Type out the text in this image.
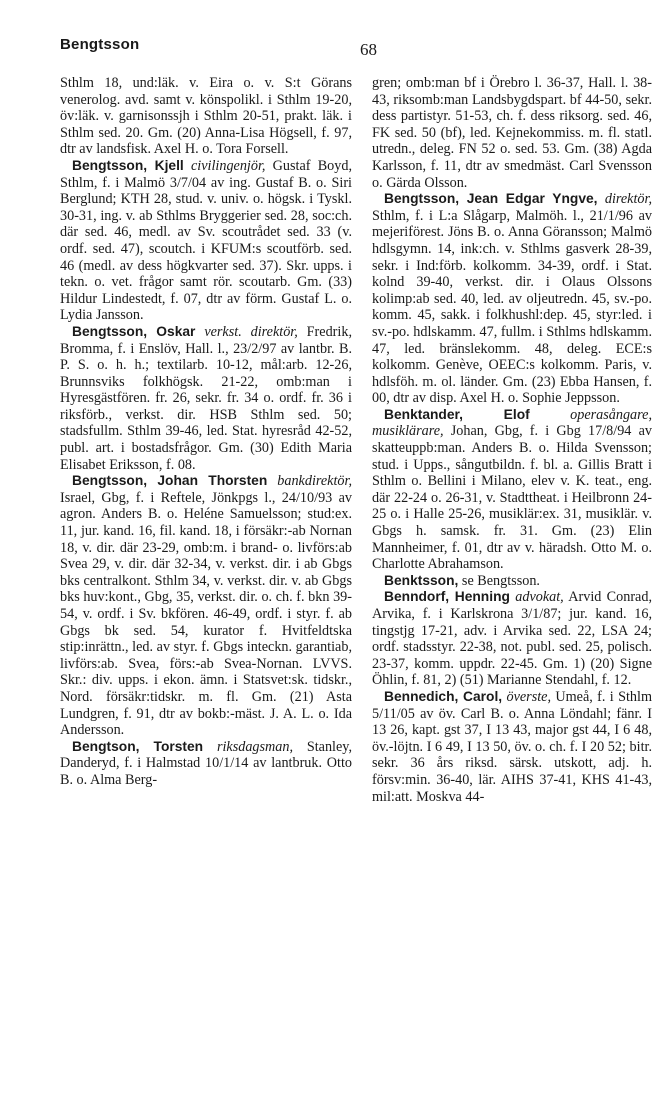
Bengtsson	68

Sthlm 18, und:läk. v. Eira o. v. S:t Görans venerolog. avd. samt v. könspolikl. i Sthlm 19-20, öv:läk. v. garnisonssjh i Sthlm 20-51, prakt. läk. i Sthlm sed. 20. Gm. (20) Anna-Lisa Högsell, f. 97, dtr av landsfisk. Axel H. o. Tora Forsell.

Bengtsson, Kjell civilingenjör, Gustaf Boyd, Sthlm, f. i Malmö 3/7/04 av ing. Gustaf B. o. Siri Berglund; KTH 28, stud. v. univ. o. högsk. i Tyskl. 30-31, ing. v. ab Sthlms Bryggerier sed. 28, soc:ch. där sed. 46, medl. av Sv. scoutrådet sed. 33 (v. ordf. sed. 47), scoutch. i KFUM:s scoutförb. sed. 46 (medl. av dess högkvarter sed. 37). Skr. upps. i tekn. o. vet. frågor samt rör. scoutarb. Gm. (33) Hildur Lindestedt, f. 07, dtr av förm. Gustaf L. o. Lydia Jansson.

Bengtsson, Oskar verkst. direktör, Fredrik, Bromma, f. i Enslöv, Hall. l., 23/2/97 av lantbr. B. P. S. o. h. h.; textilarb. 10-12, mål:arb. 12-26, Brunnsviks folkhögsk. 21-22, omb:man i Hyresgästfören. fr. 26, sekr. fr. 34 o. ordf. fr. 36 i riksförb., verkst. dir. HSB Sthlm sed. 50; stadsfullm. Sthlm 39-46, led. Stat. hyresråd 42-52, publ. art. i bostadsfrågor. Gm. (30) Edith Maria Elisabet Eriksson, f. 08.

Bengtsson, Johan Thorsten bankdirektör, Israel, Gbg, f. i Reftele, Jönkpgs l., 24/10/93 av agron. Anders B. o. Heléne Samuelsson; stud:ex. 11, jur. kand. 16, fil. kand. 18, i försäkr:-ab Nornan 18, v. dir. där 23-29, omb:m. i brand- o. livförs:ab Svea 29, v. dir. där 32-34, v. verkst. dir. i ab Gbgs bks centralkont. Sthlm 34, v. verkst. dir. v. ab Gbgs bks huv:kont., Gbg, 35, verkst. dir. o. ch. f. bkn 39-54, v. ordf. i Sv. bkfören. 46-49, ordf. i styr. f. ab Gbgs bk sed. 54, kurator f. Hvitfeldtska stip:inrättn., led. av styr. f. Gbgs inteckn. garantiab, livförs:ab. Svea, förs:-ab Svea-Nornan. LVVS. Skr.: div. upps. i ekon. ämn. i Statsvet:sk. tidskr., Nord. försäkr:tidskr. m. fl. Gm. (21) Asta Lundgren, f. 91, dtr av bokb:-mäst. J. A. L. o. Ida Andersson.

Bengtson, Torsten riksdagsman, Stanley, Danderyd, f. i Halmstad 10/1/14 av lantbruk. Otto B. o. Alma Berg-

gren; omb:man bf i Örebro l. 36-37, Hall. l. 38-43, riksomb:man Landsbygdspart. bf 44-50, sekr. dess partistyr. 51-53, ch. f. dess riksorg. sed. 46, FK sed. 50 (bf), led. Kejnekommiss. m. fl. statl. utredn., deleg. FN 52 o. sed. 53. Gm. (38) Agda Karlsson, f. 11, dtr av smedmäst. Carl Svensson o. Gärda Olsson.

Bengtsson, Jean Edgar Yngve, direktör, Sthlm, f. i L:a Slågarp, Malmöh. l., 21/1/96 av mejeriförest. Jöns B. o. Anna Göransson; Malmö hdlsgymn. 14, ink:ch. v. Sthlms gasverk 28-39, sekr. i Ind:förb. kolkomm. 34-39, ordf. i Stat. kolnd 39-40, verkst. dir. i Olaus Olssons kolimp:ab sed. 40, led. av oljeutredn. 45, sv.-po. komm. 45, sakk. i folkhushl:dep. 45, styr:led. i sv.-po. hdlskamm. 47, fullm. i Sthlms hdlskamm. 47, led. bränslekomm. 48, deleg. ECE:s kolkomm. Genève, OEEC:s kolkomm. Paris, v. hdlsföh. m. ol. länder. Gm. (23) Ebba Hansen, f. 00, dtr av disp. Axel H. o. Sophie Jeppsson.

Benktander, Elof	operasångare, musiklärare, Johan, Gbg, f. i Gbg 17/8/94 av skatteuppb:man. Anders B. o. Hilda Svensson; stud. i Upps., sångutbildn. f. bl. a. Gillis Bratt i Sthlm o. Bellini i Milano, elev v. K. teat., eng. där 22-24 o. 26-31, v. Stadttheat. i Heilbronn 24-25 o. i Halle 25-26, musiklär:ex. 31, musiklär. v. Gbgs h. samsk. fr. 31. Gm. (23) Elin Mannheimer, f. 01, dtr av v. häradsh. Otto M. o. Charlotte Abrahamson.

Benktsson, se Bengtsson.

Benndorf, Henning advokat, Arvid Conrad, Arvika, f. i Karlskrona 3/1/87; jur. kand. 16, tingstjg 17-21, adv. i Arvika sed. 22, LSA 24; ordf. stadsstyr. 22-38, not. publ. sed. 25, polisch. 23-37, komm. uppdr. 22-45. Gm. 1) (20) Signe Öhlin, f. 81, 2) (51) Marianne Stendahl, f. 12.

Bennedich, Carol, överste, Umeå, f. i Sthlm 5/11/05 av öv. Carl B. o. Anna Löndahl; fänr. I 13 26, kapt. gst 37, I 13 43, major gst 44, I 6 48, öv.-löjtn. I 6 49, I 13 50, öv. o. ch. f. I 20 52; bitr. sekr. 36 års riksd. särsk. utskott, adj. h. försv:min. 36-40, lär. AIHS 37-41, KHS 41-43, mil:att. Moskva 44-
